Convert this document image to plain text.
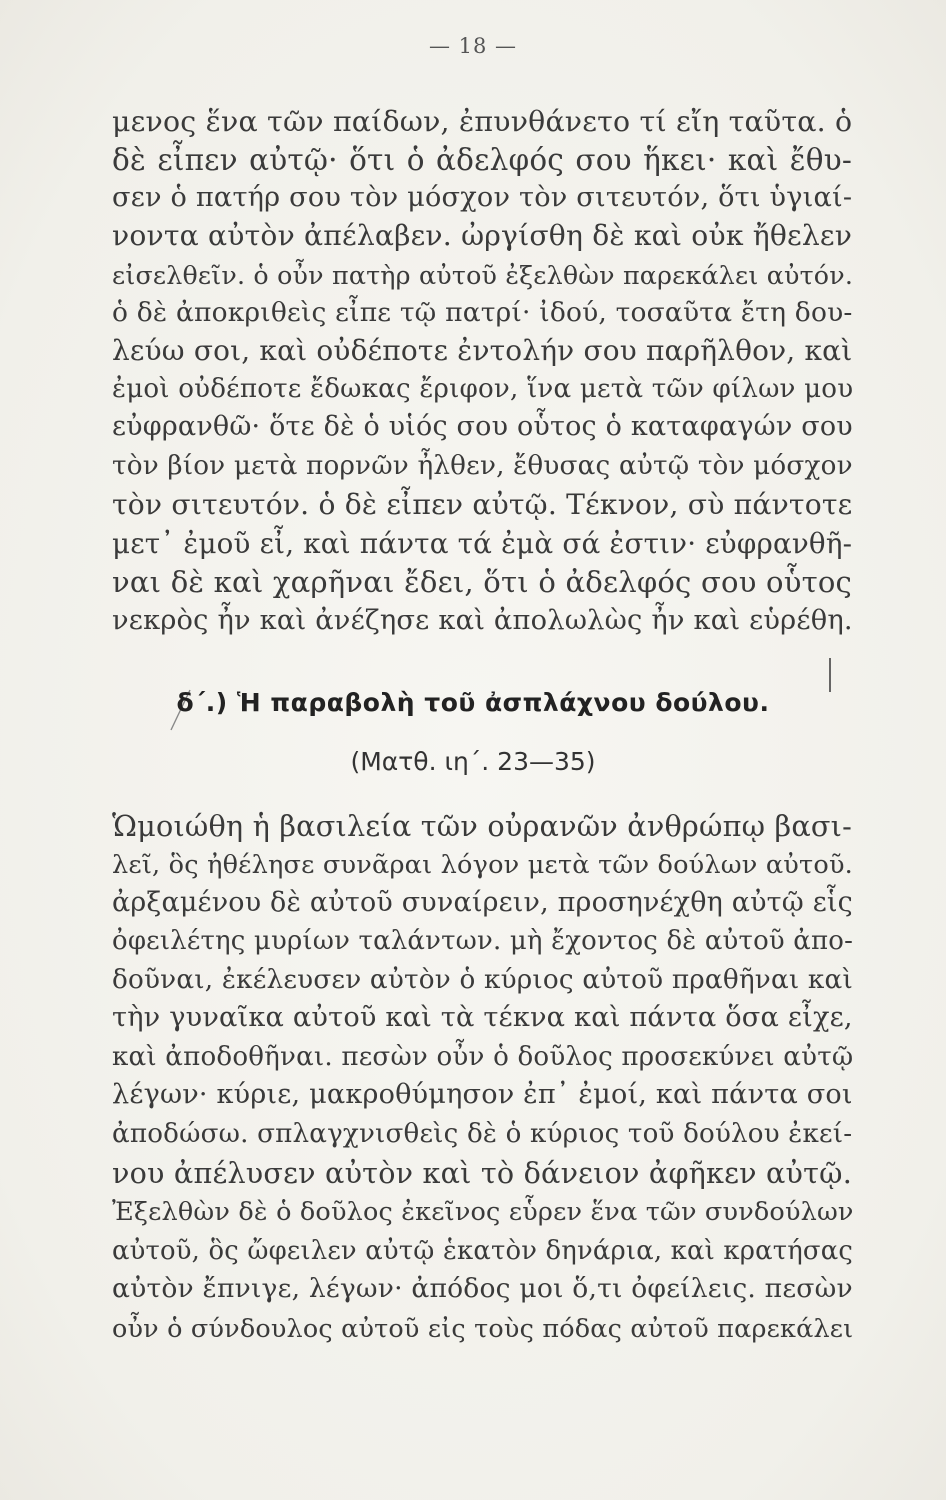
— 18 —
μενος ἕνα τῶν παίδων, ἐπυνθάνετο τί εἴη ταῦτα. ὁ
δὲ εἶπεν αὐτῷ· ὅτι ὁ ἀδελφός σου ἥκει· καὶ ἔθυ-
σεν ὁ πατήρ σου τὸν μόσχον τὸν σιτευτόν, ὅτι ὑγιαί-
νοντα αὐτὸν ἀπέλαβεν. ὠργίσθη δὲ καὶ οὐκ ἤθελεν
εἰσελθεῖν. ὁ οὖν πατὴρ αὐτοῦ ἐξελθὼν παρεκάλει αὐτόν.
ὁ δὲ ἀποκριθεὶς εἶπε τῷ πατρί· ἰδού, τοσαῦτα ἔτη δου-
λεύω σοι, καὶ οὐδέποτε ἐντολήν σου παρῆλθον, καὶ
ἐμοὶ οὐδέποτε ἔδωκας ἔριφον, ἵνα μετὰ τῶν φίλων μου
εὐφρανθῶ· ὅτε δὲ ὁ υἱός σου οὗτος ὁ καταφαγών σου
τὸν βίον μετὰ πορνῶν ἦλθεν, ἔθυσας αὐτῷ τὸν μόσχον
τὸν σιτευτόν. ὁ δὲ εἶπεν αὐτῷ. Τέκνον, σὺ πάντοτε
μετ᾽ ἐμοῦ εἶ, καὶ πάντα τά ἐμὰ σά ἐστιν· εὐφρανθῆ-
ναι δὲ καὶ χαρῆναι ἔδει, ὅτι ὁ ἀδελφός σου οὗτος
νεκρὸς ἦν καὶ ἀνέζησε καὶ ἀπολωλὼς ἦν καὶ εὑρέθη.
δ΄.) Ἡ παραβολὴ τοῦ ἀσπλάχνου δούλου.
(Ματθ. ιη΄. 23—35)
Ὡμοιώθη ἡ βασιλεία τῶν οὐρανῶν ἀνθρώπῳ βασι-
λεῖ, ὃς ἠθέλησε συνᾶραι λόγον μετὰ τῶν δούλων αὐτοῦ.
ἀρξαμένου δὲ αὐτοῦ συναίρειν, προσηνέχθη αὐτῷ εἷς
ὀφειλέτης μυρίων ταλάντων. μὴ ἔχοντος δὲ αὐτοῦ ἀπο-
δοῦναι, ἐκέλευσεν αὐτὸν ὁ κύριος αὐτοῦ πραθῆναι καὶ
τὴν γυναῖκα αὐτοῦ καὶ τὰ τέκνα καὶ πάντα ὅσα εἶχε,
καὶ ἀποδοθῆναι. πεσὼν οὖν ὁ δοῦλος προσεκύνει αὐτῷ
λέγων· κύριε, μακροθύμησον ἐπ᾽ ἐμοί, καὶ πάντα σοι
ἀποδώσω. σπλαγχνισθεὶς δὲ ὁ κύριος τοῦ δούλου ἐκεί-
νου ἀπέλυσεν αὐτὸν καὶ τὸ δάνειον ἀφῆκεν αὐτῷ.
Ἐξελθὼν δὲ ὁ δοῦλος ἐκεῖνος εὗρεν ἕνα τῶν συνδούλων
αὐτοῦ, ὃς ὤφειλεν αὐτῷ ἑκατὸν δηνάρια, καὶ κρατήσας
αὐτὸν ἔπνιγε, λέγων· ἀπόδος μοι ὅ,τι ὀφείλεις. πεσὼν
οὖν ὁ σύνδουλος αὐτοῦ εἰς τοὺς πόδας αὐτοῦ παρεκάλει
